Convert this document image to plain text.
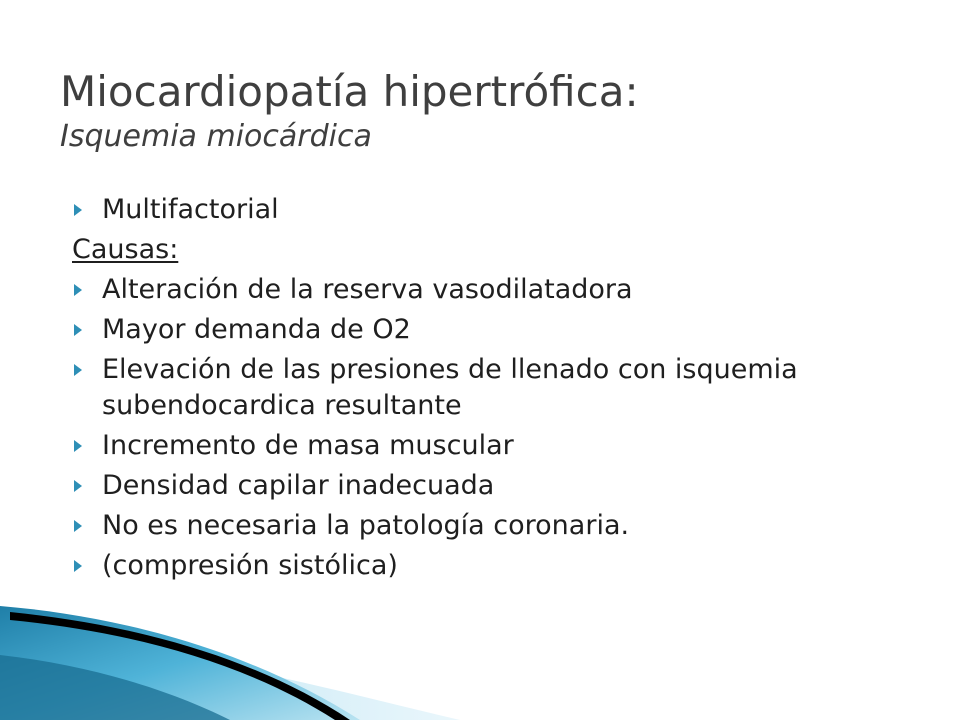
Miocardiopatía hipertrófica:
Isquemia miocárdica
Multifactorial
Causas:
Alteración de la reserva vasodilatadora
Mayor demanda de O2
Elevación de las presiones de llenado con isquemia subendocardica resultante
Incremento de masa muscular
Densidad capilar inadecuada
No es necesaria la patología coronaria.
(compresión sistólica)
